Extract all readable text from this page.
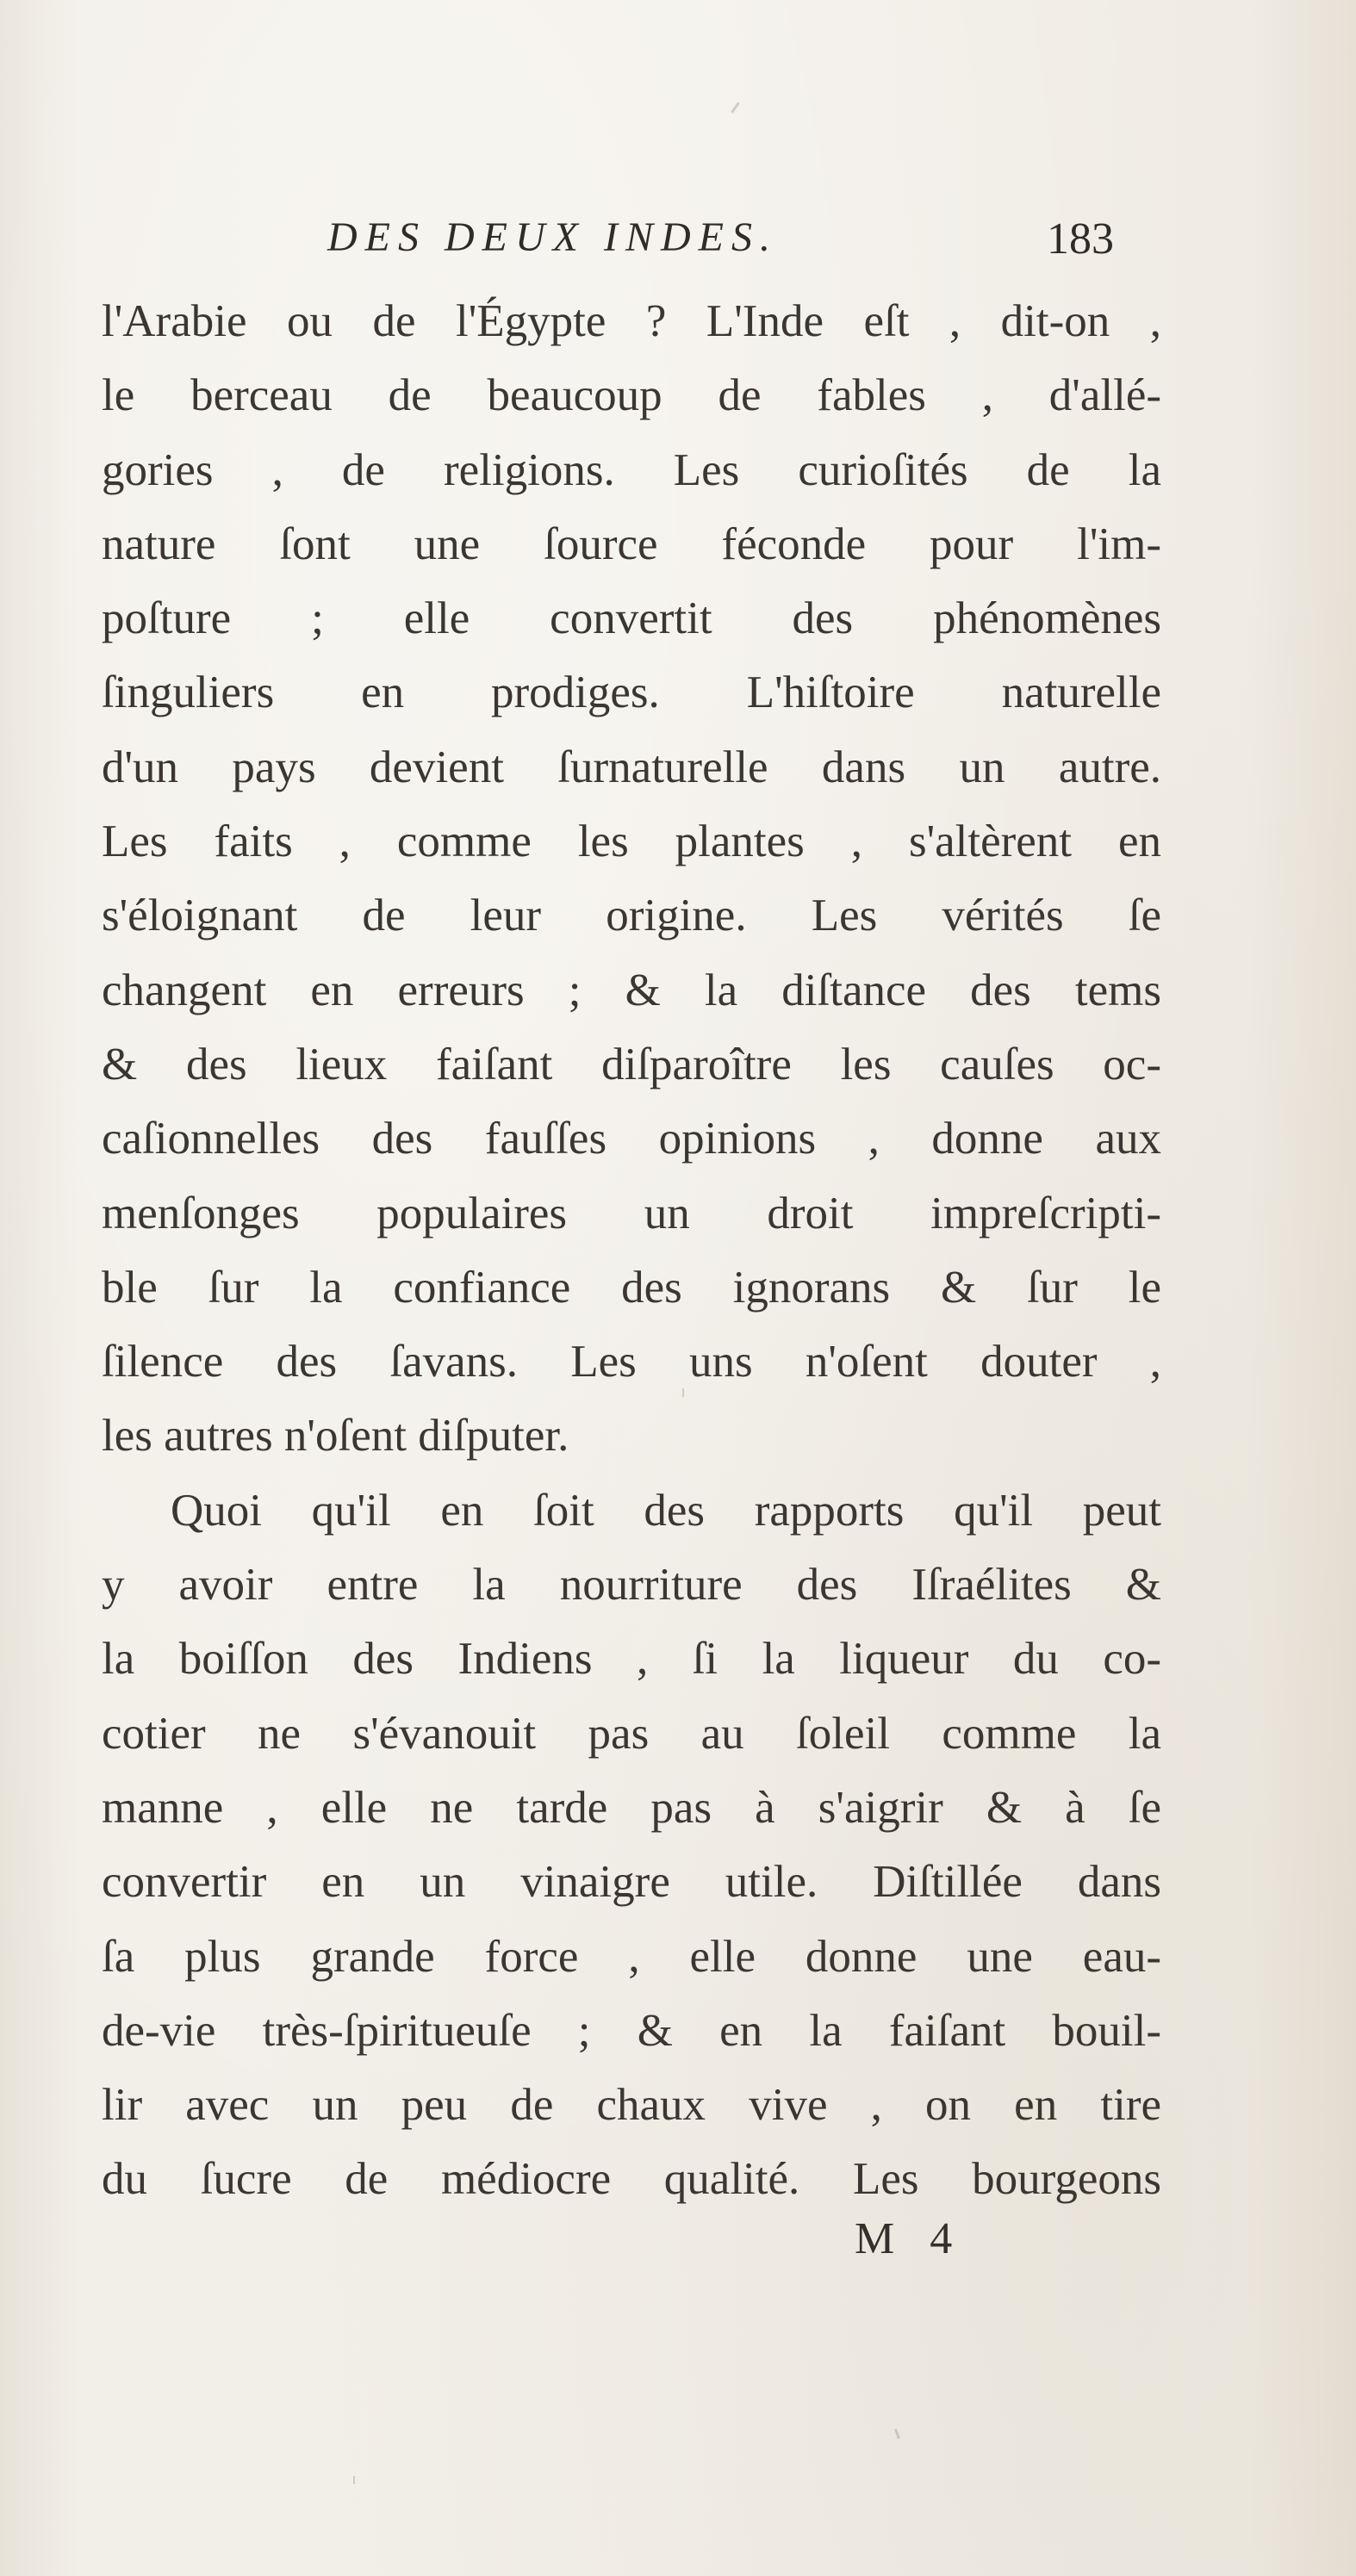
DES DEUX INDES.	183
l'Arabie ou de l'Égypte ? L'Inde eſt , dit-on ,
le berceau de beaucoup de fables , d'allé-
gories , de religions. Les curioſités de la
nature ſont une ſource féconde pour l'im-
poſture ; elle convertit des phénomènes
ſinguliers en prodiges. L'hiſtoire naturelle
d'un pays devient ſurnaturelle dans un autre.
Les faits , comme les plantes , s'altèrent en
s'éloignant de leur origine. Les vérités ſe
changent en erreurs ; & la diſtance des tems
& des lieux faiſant diſparoître les cauſes oc-
caſionnelles des fauſſes opinions , donne aux
menſonges populaires un droit impreſcripti-
ble ſur la confiance des ignorans & ſur le
ſilence des ſavans. Les uns n'oſent douter ,
les autres n'oſent diſputer.
Quoi qu'il en ſoit des rapports qu'il peut
y avoir entre la nourriture des Iſraélites &
la boiſſon des Indiens , ſi la liqueur du co-
cotier ne s'évanouit pas au ſoleil comme la
manne , elle ne tarde pas à s'aigrir & à ſe
convertir en un vinaigre utile. Diſtillée dans
ſa plus grande force , elle donne une eau-
de-vie très-ſpiritueuſe ; & en la faiſant bouil-
lir avec un peu de chaux vive , on en tire
du ſucre de médiocre qualité. Les bourgeons
M 4
